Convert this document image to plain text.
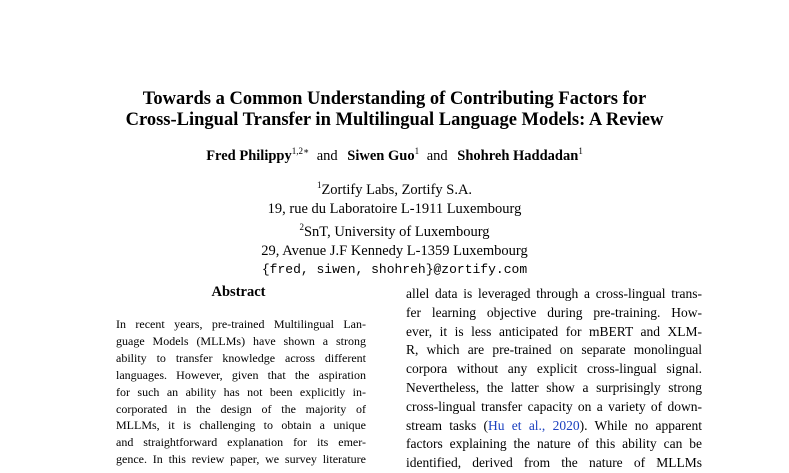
Towards a Common Understanding of Contributing Factors for
Cross-Lingual Transfer in Multilingual Language Models: A Review
Fred Philippy$^{1,2∗}$ and Siwen Guo$^1$ and Shohreh Haddadan$^1$
$^1$Zortify Labs, Zortify S.A.
19, rue du Laboratoire L-1911 Luxembourg
$^2$SnT, University of Luxembourg
29, Avenue J.F Kennedy L-1359 Luxembourg
{fred, siwen, shohreh}@zortify.com
Abstract
In recent years, pre-trained Multilingual Lan-
guage Models (MLLMs) have shown a strong
ability to transfer knowledge across different
languages. However, given that the aspiration
for such an ability has not been explicitly in-
corporated in the design of the majority of
MLLMs, it is challenging to obtain a unique
and straightforward explanation for its emer-
gence. In this review paper, we survey literature
allel data is leveraged through a cross-lingual trans-
fer learning objective during pre-training. How-
ever, it is less anticipated for mBERT and XLM-
R, which are pre-trained on separate monolingual
corpora without any explicit cross-lingual signal.
Nevertheless, the latter show a surprisingly strong
cross-lingual transfer capacity on a variety of down-
stream tasks (Hu et al., 2020). While no apparent
factors explaining the nature of this ability can be
identified, derived from the nature of MLLMs
